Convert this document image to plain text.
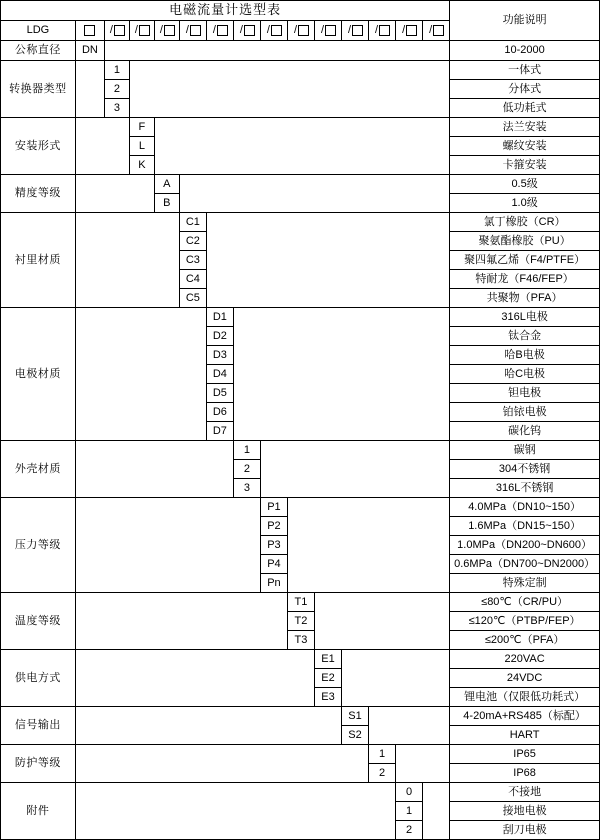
电磁流量计选型表															功能说明
LDG		/	/	/	/	/	/	/	/	/	/	/	/	/	
公称直径	DN														10-2000
转换器类型		1													一体式
		2													分体式
		3													低功耗式
安装形式			F												法兰安装
			L												螺纹安装
			K												卡箍安装
精度等级				A											0.5级
				B											1.0级
衬里材质					C1										氯丁橡胶（CR）
					C2										聚氨酯橡胶（PU）
					C3										聚四氟乙烯（F4/PTFE）
					C4										特耐龙（F46/FEP）
					C5										共聚物（PFA）
电极材质						D1									316L电极
						D2									钛合金
						D3									哈B电极
						D4									哈C电极
						D5									钽电极
						D6									铂铱电极
						D7									碳化钨
外壳材质							1								碳钢
							2								304不锈钢
							3								316L不锈钢
压力等级								P1							4.0MPa（DN10~150）
								P2							1.6MPa（DN15~150）
								P3							1.0MPa（DN200~DN600）
								P4							0.6MPa（DN700~DN2000）
								Pn							特殊定制
温度等级									T1						≤80℃（CR/PU）
									T2						≤120℃（PTBP/FEP）
									T3						≤200℃（PFA）
供电方式										E1					220VAC
										E2					24VDC
										E3					锂电池（仅限低功耗式）
信号输出											S1				4-20mA+RS485（标配）
											S2				HART
防护等级												1			IP65
												2			IP68
附件													0		不接地
													1		接地电极
													2		刮刀电极
